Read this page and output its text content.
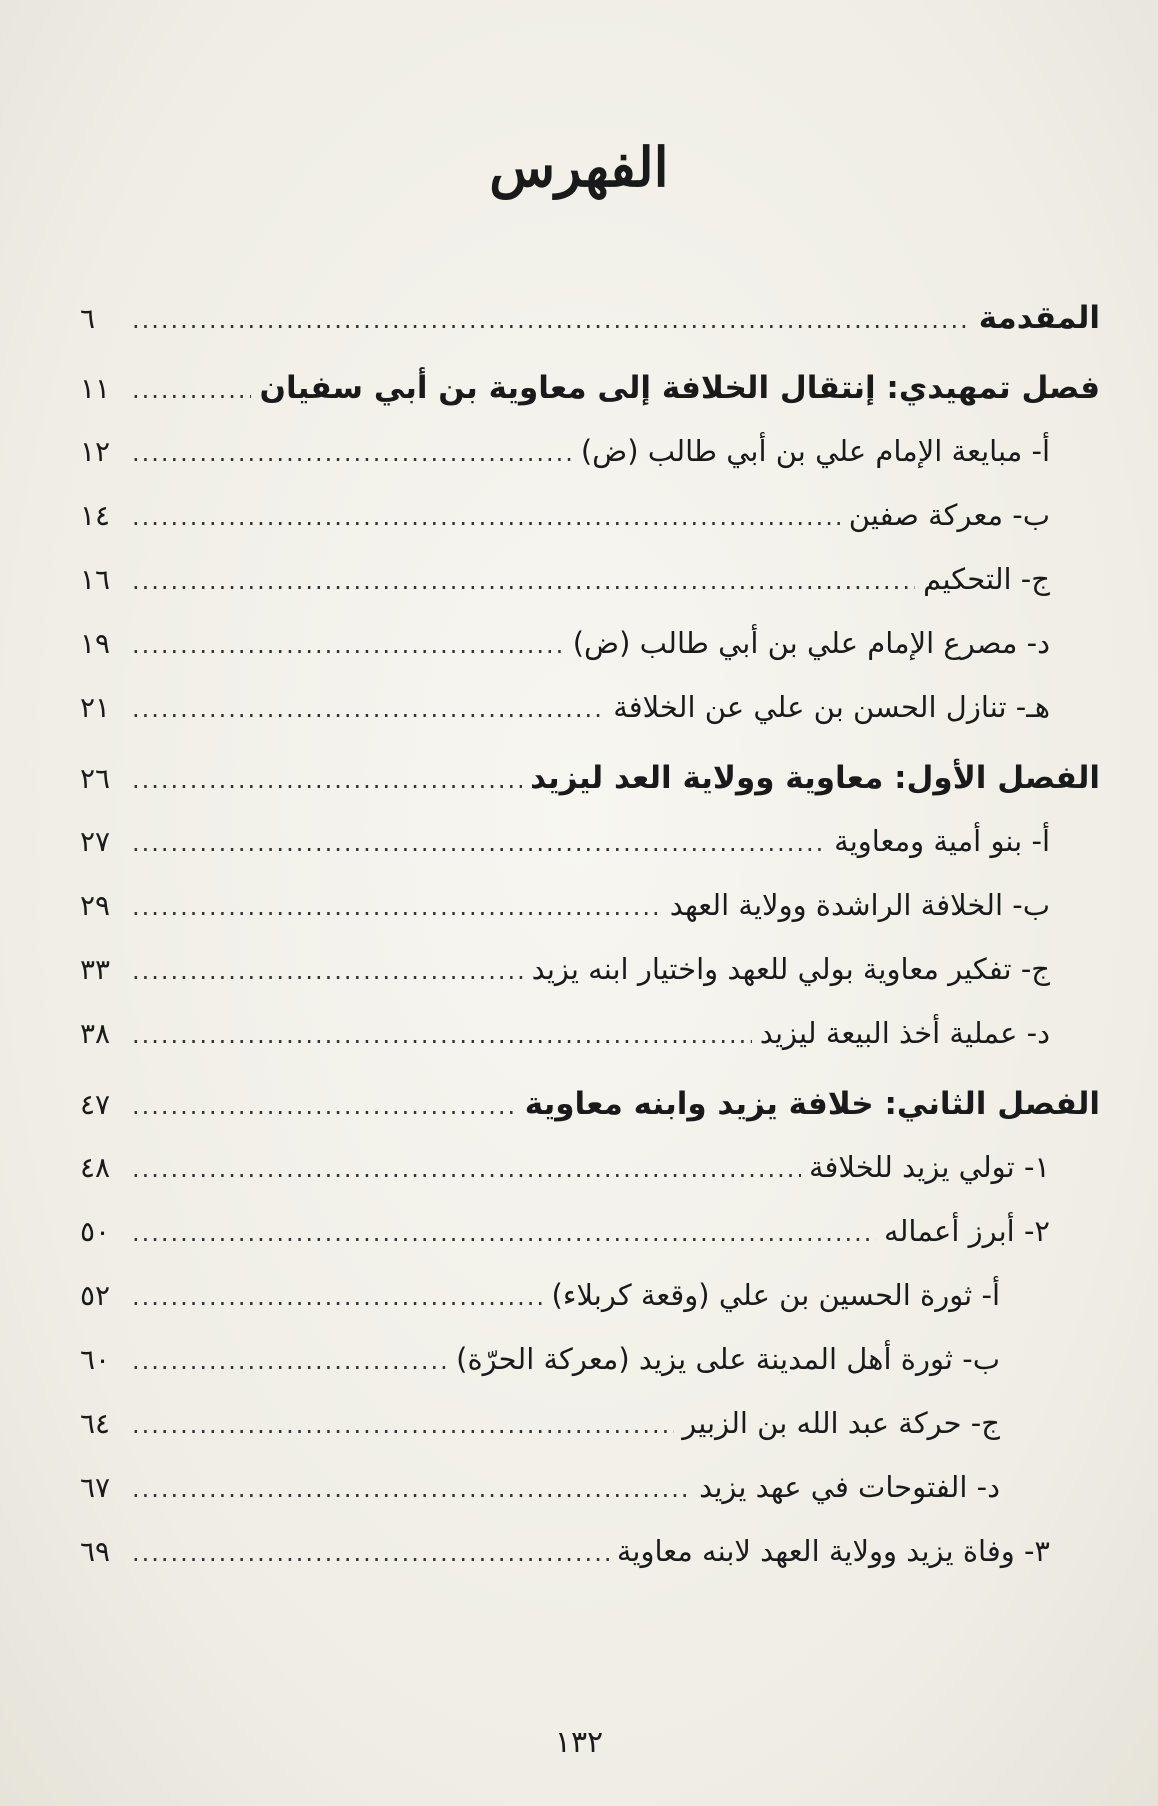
الفهرس
المقدمة
.....
٦
فصل تمهيدي: إنتقال الخلافة إلى معاوية بن أبي سفيان
.....
١١
أ- مبايعة الإمام علي بن أبي طالب (ض)
.....
١٢
ب- معركة صفين
.....
١٤
ج- التحكيم
.....
١٦
د- مصرع الإمام علي بن أبي طالب (ض)
.....
١٩
هـ- تنازل الحسن بن علي عن الخلافة
.....
٢١
الفصل الأول: معاوية وولاية العد ليزيد
.....
٢٦
أ- بنو أمية ومعاوية
.....
٢٧
ب- الخلافة الراشدة وولاية العهد
.....
٢٩
ج- تفكير معاوية بولي للعهد واختيار ابنه يزيد
.....
٣٣
د- عملية أخذ البيعة ليزيد
.....
٣٨
الفصل الثاني: خلافة يزيد وابنه معاوية
.....
٤٧
١- تولي يزيد للخلافة
.....
٤٨
٢- أبرز أعماله
.....
٥٠
أ- ثورة الحسين بن علي (وقعة كربلاء)
.....
٥٢
ب- ثورة أهل المدينة على يزيد (معركة الحرّة)
.....
٦٠
ج- حركة عبد الله بن الزبير
.....
٦٤
د- الفتوحات في عهد يزيد
.....
٦٧
٣- وفاة يزيد وولاية العهد لابنه معاوية
.....
٦٩
١٣٢
